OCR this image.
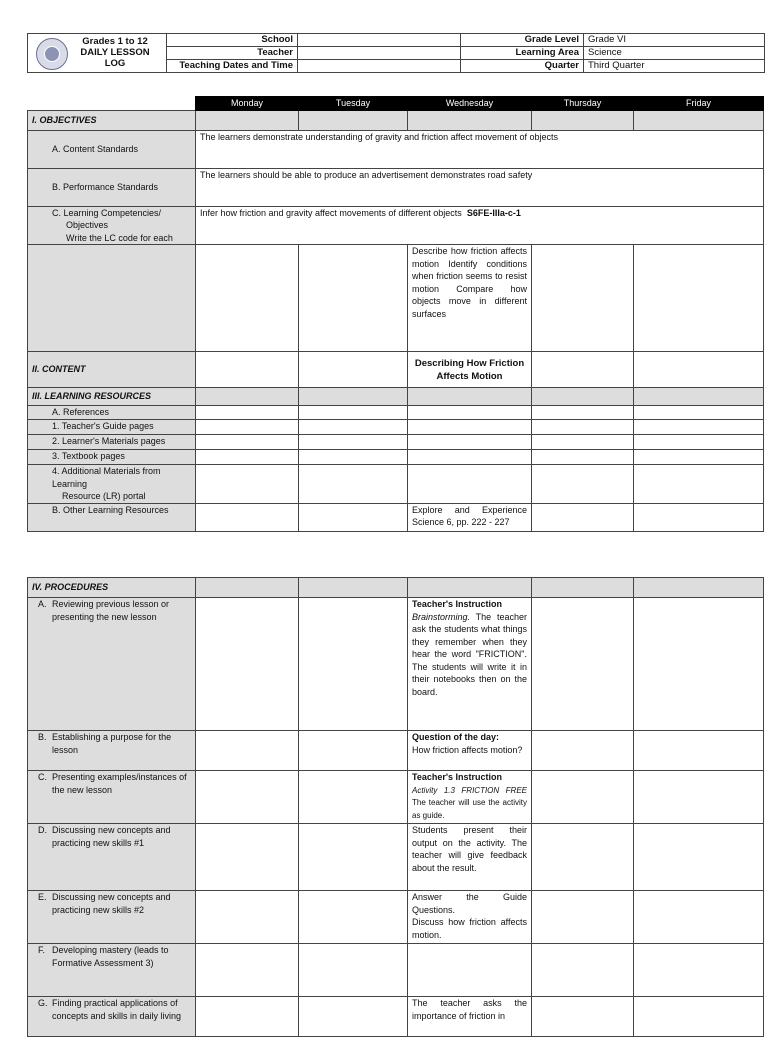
Grades 1 to 12
DAILY LESSON LOG	School		Grade Level	Grade VI
	Teacher		Learning Area	Science
	Teaching Dates and Time		Quarter	Third Quarter
	Monday	Tuesday	Wednesday	Thursday	Friday
I. OBJECTIVES					
A. Content Standards	The learners demonstrate understanding of gravity and friction affect movement of objects				
B. Performance Standards	The learners should be able to produce an advertisement demonstrates road safety				

C. Learning Competencies/
Objectives
Write the LC code for each	Infer how friction and gravity affect movements of different objects S6FE-IIIa-c-1				
			Describe how friction affects motion Identify conditions when friction seems to resist motion Compare how objects move in different surfaces		
II. CONTENT			Describing How Friction Affects Motion		
III. LEARNING RESOURCES					
A. References					
1. Teacher's Guide pages					
2. Learner's Materials pages					
3. Textbook pages					

4. Additional Materials from Learning
Resource (LR) portal					

B. Other Learning Resources			Explore and Experience Science 6, pp. 222 - 227		
IV. PROCEDURES					
A. Reviewing previous lesson or presenting the new lesson			Teacher's Instruction
Brainstorming. The teacher ask the students what things they remember when they hear the word "FRICTION". The students will write it in their notebooks then on the board.		
B. Establishing a purpose for the lesson			Question of the day:
How friction affects motion?		
C. Presenting examples/instances of the new lesson			Teacher's Instruction
Activity 1.3 FRICTION FREE The teacher will use the activity as guide.		
D. Discussing new concepts and practicing new skills #1			Students present their output on the activity. The teacher will give feedback about the result.		
E. Discussing new concepts and practicing new skills #2			Answer the Guide Questions.
Discuss how friction affects motion.		

F. Developing mastery (leads to Formative Assessment 3)					
G. Finding practical applications of concepts and skills in daily living			The teacher asks the importance of friction in		
